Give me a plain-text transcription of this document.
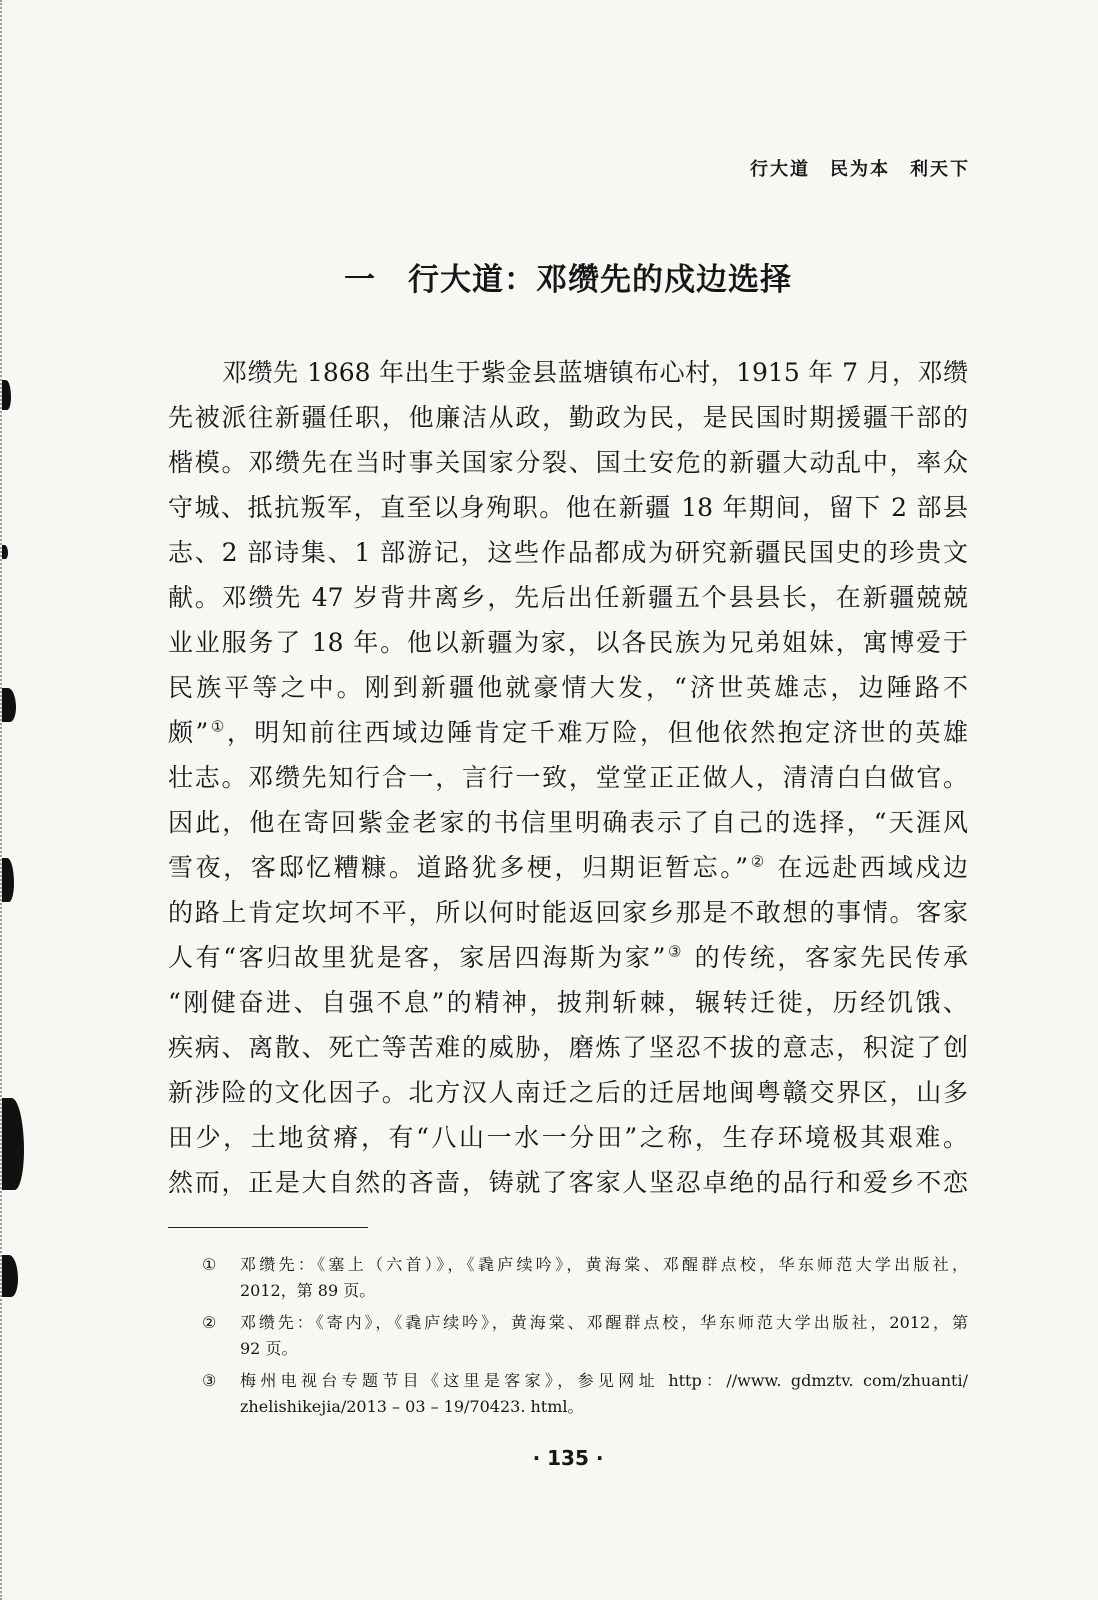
行大道　民为本　利天下
一　行大道：邓缵先的戍边选择
邓缵先 1868 年出生于紫金县蓝塘镇布心村，1915 年 7 月，邓缵
先被派往新疆任职，他廉洁从政，勤政为民，是民国时期援疆干部的
楷模。邓缵先在当时事关国家分裂、国土安危的新疆大动乱中，率众
守城、抵抗叛军，直至以身殉职。他在新疆 18 年期间，留下 2 部县
志、2 部诗集、1 部游记，这些作品都成为研究新疆民国史的珍贵文
献。邓缵先 47 岁背井离乡，先后出任新疆五个县县长，在新疆兢兢
业业服务了 18 年。他以新疆为家，以各民族为兄弟姐妹，寓博爱于
民族平等之中。刚到新疆他就豪情大发，“济世英雄志，边陲路不
颇”①，明知前往西域边陲肯定千难万险，但他依然抱定济世的英雄
壮志。邓缵先知行合一，言行一致，堂堂正正做人，清清白白做官。
因此，他在寄回紫金老家的书信里明确表示了自己的选择，“天涯风
雪夜，客邸忆糟糠。道路犹多梗，归期讵暂忘。”② 在远赴西域戍边
的路上肯定坎坷不平，所以何时能返回家乡那是不敢想的事情。客家
人有“客归故里犹是客，家居四海斯为家”③ 的传统，客家先民传承
“刚健奋进、自强不息”的精神，披荆斩棘，辗转迁徙，历经饥饿、
疾病、离散、死亡等苦难的威胁，磨炼了坚忍不拔的意志，积淀了创
新涉险的文化因子。北方汉人南迁之后的迁居地闽粤赣交界区，山多
田少，土地贫瘠，有“八山一水一分田”之称，生存环境极其艰难。
然而，正是大自然的吝啬，铸就了客家人坚忍卓绝的品行和爱乡不恋
①	邓缵先：《塞上（六首）》，《毳庐续吟》，黄海棠、邓醒群点校，华东师范大学出版社，
2012，第 89 页。
②	邓缵先：《寄内》，《毳庐续吟》，黄海棠、邓醒群点校，华东师范大学出版社，2012，第
92 页。
③	梅州电视台专题节目《这里是客家》，参见网址 http：//www. gdmztv. com/zhuanti/
zhelishikejia/2013 – 03 – 19/70423. html。
· 135 ·
